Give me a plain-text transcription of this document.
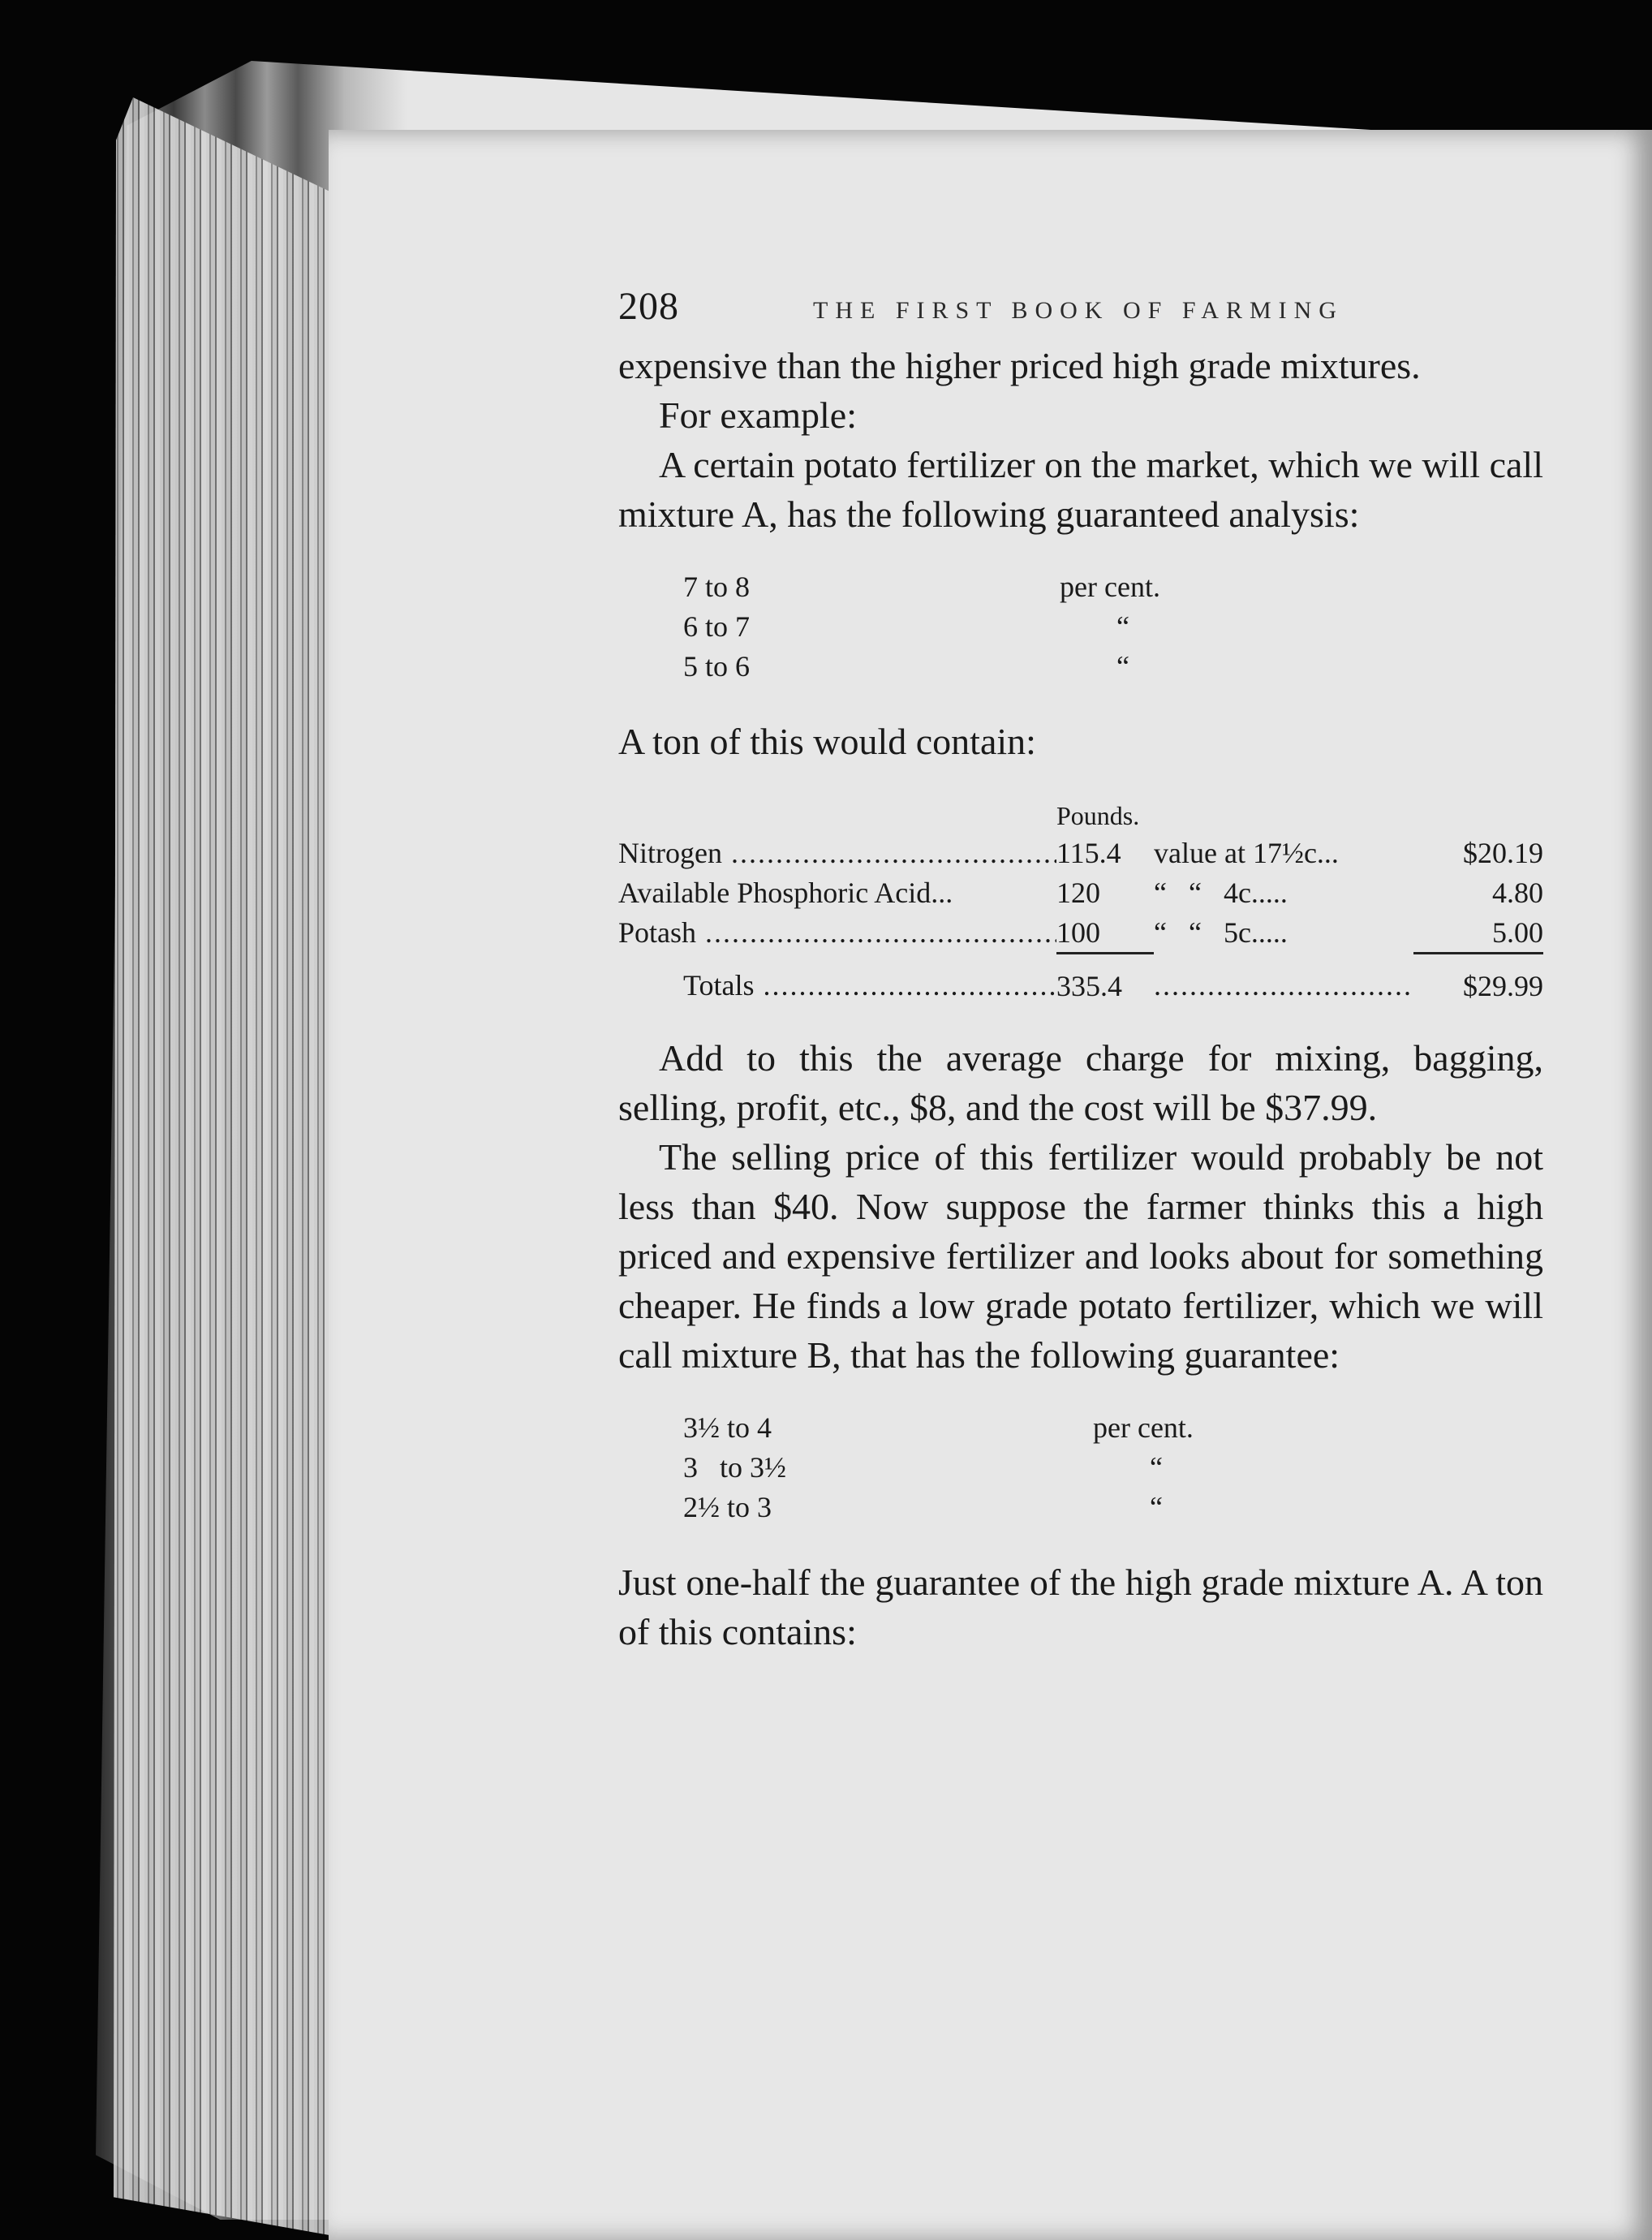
208	THE FIRST BOOK OF FARMING

expensive than the higher priced high grade mixtures.

For example:

A certain potato fertilizer on the market, which we will call mixture A, has the following guaranteed analysis:

	7 to 8	per cent.
	6 to 7	“
	5 to 6	“

A ton of this would contain:

	Pounds.		
Nitrogen .....	115.4	value at 17½c...	$20.19
Available Phosphoric Acid...	120	“   “   4c.....	4.80
Potash .....	100	“   “   5c.....	5.00
Totals .....	335.4	.....	$29.99

Add to this the average charge for mixing, bagging, selling, profit, etc., $8, and the cost will be $37.99.

The selling price of this fertilizer would probably be not less than $40. Now suppose the farmer thinks this a high priced and expensive fertilizer and looks about for something cheaper. He finds a low grade potato fertilizer, which we will call mixture B, that has the following guarantee:

	3½ to 4	per cent.
	3   to 3½	“
	2½ to 3	“

Just one-half the guarantee of the high grade mixture A. A ton of this contains:
